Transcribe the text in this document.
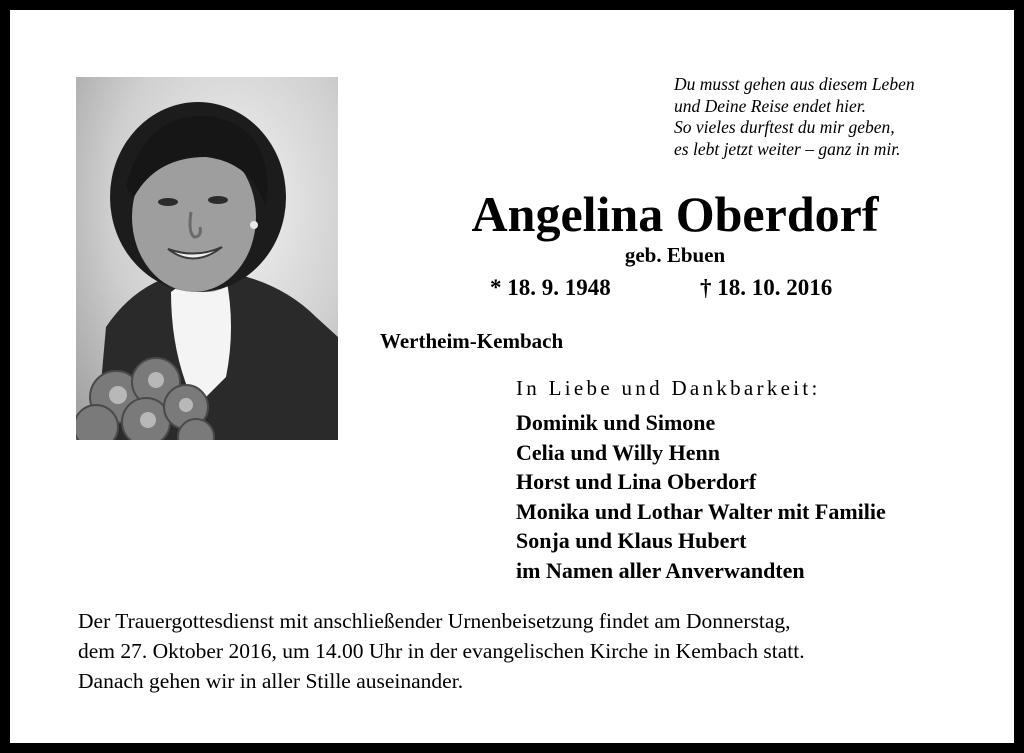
Du musst gehen aus diesem Leben
und Deine Reise endet hier.
So vieles durftest du mir geben,
es lebt jetzt weiter – ganz in mir.
Angelina Oberdorf
geb. Ebuen
* 18. 9. 1948	† 18. 10. 2016
Wertheim-Kembach
In Liebe und Dankbarkeit:
Dominik und Simone
Celia und Willy Henn
Horst und Lina Oberdorf
Monika und Lothar Walter mit Familie
Sonja und Klaus Hubert
im Namen aller Anverwandten
Der Trauergottesdienst mit anschließender Urnenbeisetzung findet am Donnerstag,
dem 27. Oktober 2016, um 14.00 Uhr in der evangelischen Kirche in Kembach statt.
Danach gehen wir in aller Stille auseinander.
